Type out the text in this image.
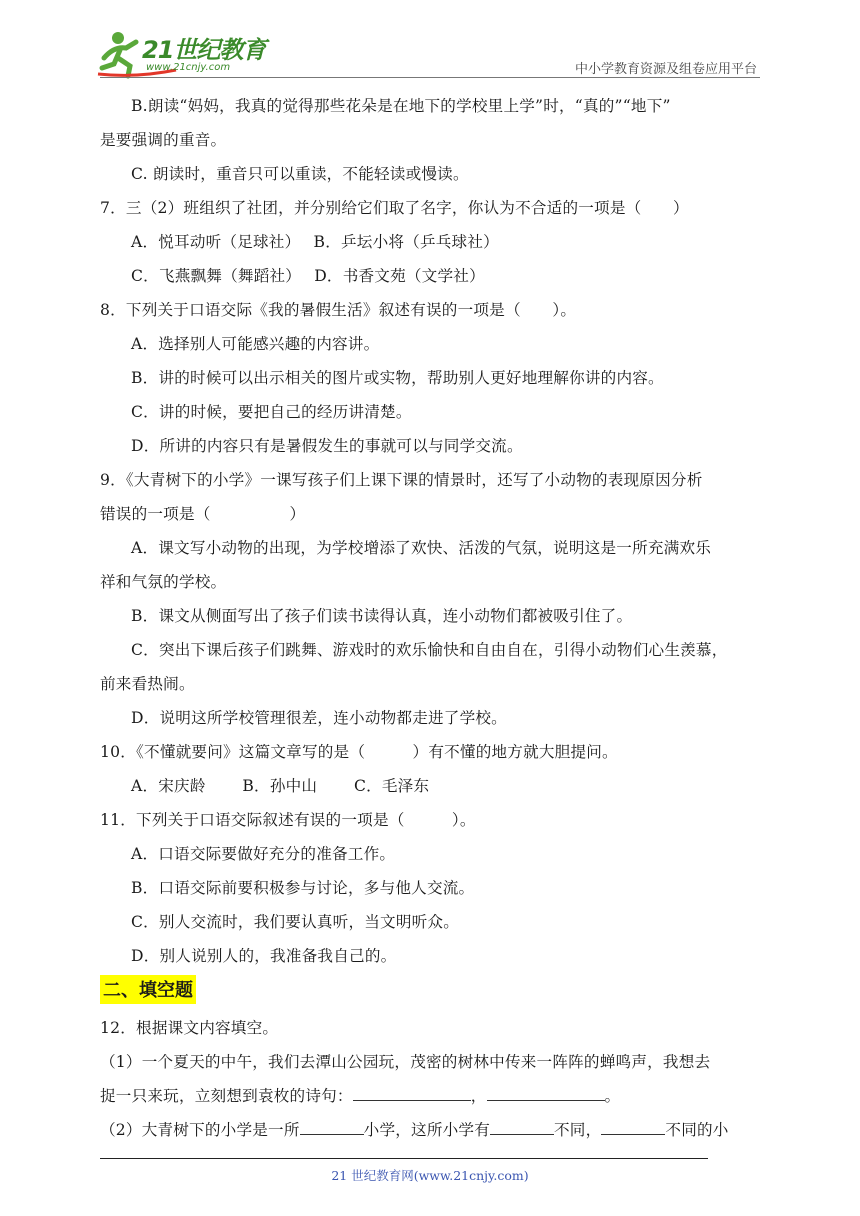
21世纪教育
www.21cnjy.com	中小学教育资源及组卷应用平台
B.朗读“妈妈，我真的觉得那些花朵是在地下的学校里上学”时，“真的”“地下”
是要强调的重音。
C. 朗读时，重音只可以重读，不能轻读或慢读。
7．三（2）班组织了社团，并分别给它们取了名字，你认为不合适的一项是（　　）
A．悦耳动听（足球社）　 B．乒坛小将（乒乓球社）
C．飞燕飘舞（舞蹈社）　 D．书香文苑（文学社）
8．下列关于口语交际《我的暑假生活》叙述有误的一项是（　　）。
A．选择别人可能感兴趣的内容讲。
B．讲的时候可以出示相关的图片或实物，帮助别人更好地理解你讲的内容。
C．讲的时候，要把自己的经历讲清楚。
D．所讲的内容只有是暑假发生的事就可以与同学交流。
9．《大青树下的小学》一课写孩子们上课下课的情景时，还写了小动物的表现原因分析
错误的一项是（　　　　　）
A．课文写小动物的出现，为学校增添了欢快、活泼的气氛，说明这是一所充满欢乐
祥和气氛的学校。
B．课文从侧面写出了孩子们读书读得认真，连小动物们都被吸引住了。
C．突出下课后孩子们跳舞、游戏时的欢乐愉快和自由自在，引得小动物们心生羡慕，
前来看热闹。
D．说明这所学校管理很差，连小动物都走进了学校。
10．《不懂就要问》这篇文章写的是（　　　）有不懂的地方就大胆提问。
A．宋庆龄　　 B．孙中山　　 C．毛泽东
11．下列关于口语交际叙述有误的一项是（　　　）。
A．口语交际要做好充分的准备工作。
B．口语交际前要积极参与讨论，多与他人交流。
C．别人交流时，我们要认真听，当文明听众。
D．别人说别人的，我准备我自己的。
二、填空题
12．根据课文内容填空。
（1）一个夏天的中午，我们去潭山公园玩，茂密的树林中传来一阵阵的蝉鸣声，我想去
捉一只来玩，立刻想到袁枚的诗句：	，	。
（2）大青树下的小学是一所	小学，这所小学有	不同，	不同的小
21 世纪教育网(www.21cnjy.com)
